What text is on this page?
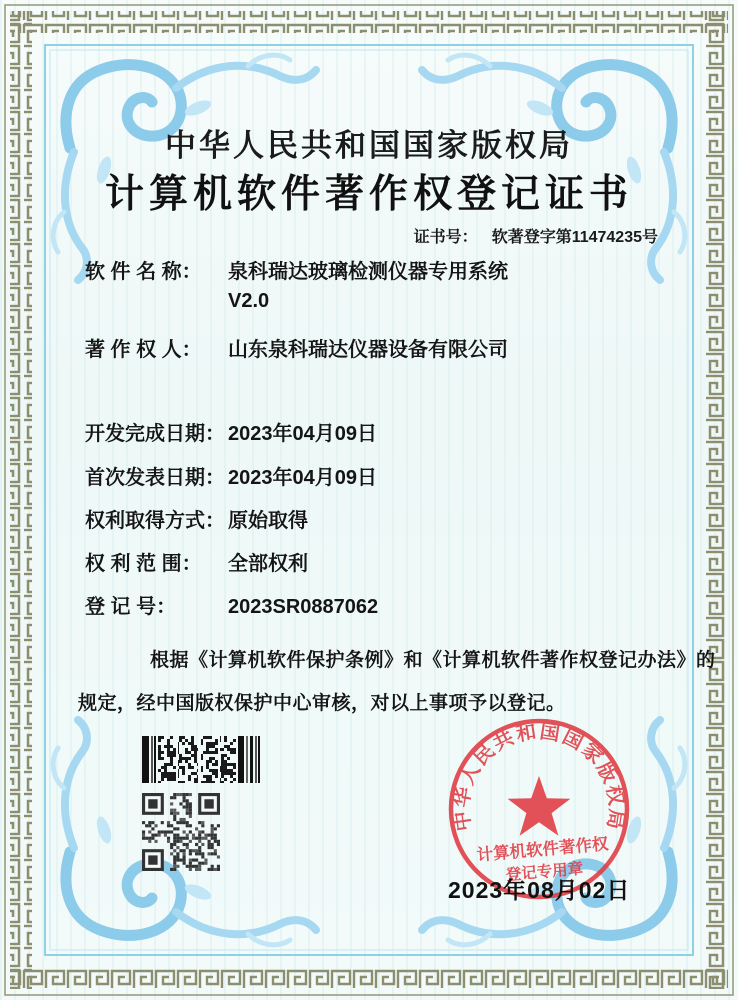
中华人民共和国国家版权局
计算机软件著作权登记证书
证书号： 软著登字第11474235号
软 件 名 称： 泉科瑞达玻璃检测仪器专用系统
V2.0
著 作 权 人： 山东泉科瑞达仪器设备有限公司
开发完成日期： 2023年04月09日
首次发表日期： 2023年04月09日
权利取得方式： 原始取得
权 利 范 围： 全部权利
登 记 号：	2023SR0887062
根据《计算机软件保护条例》和《计算机软件著作权登记办法》的
规定，经中国版权保护中心审核，对以上事项予以登记。
中华人民共和国国家版权局
计算机软件著作权
登记专用章
2023年08月02日
